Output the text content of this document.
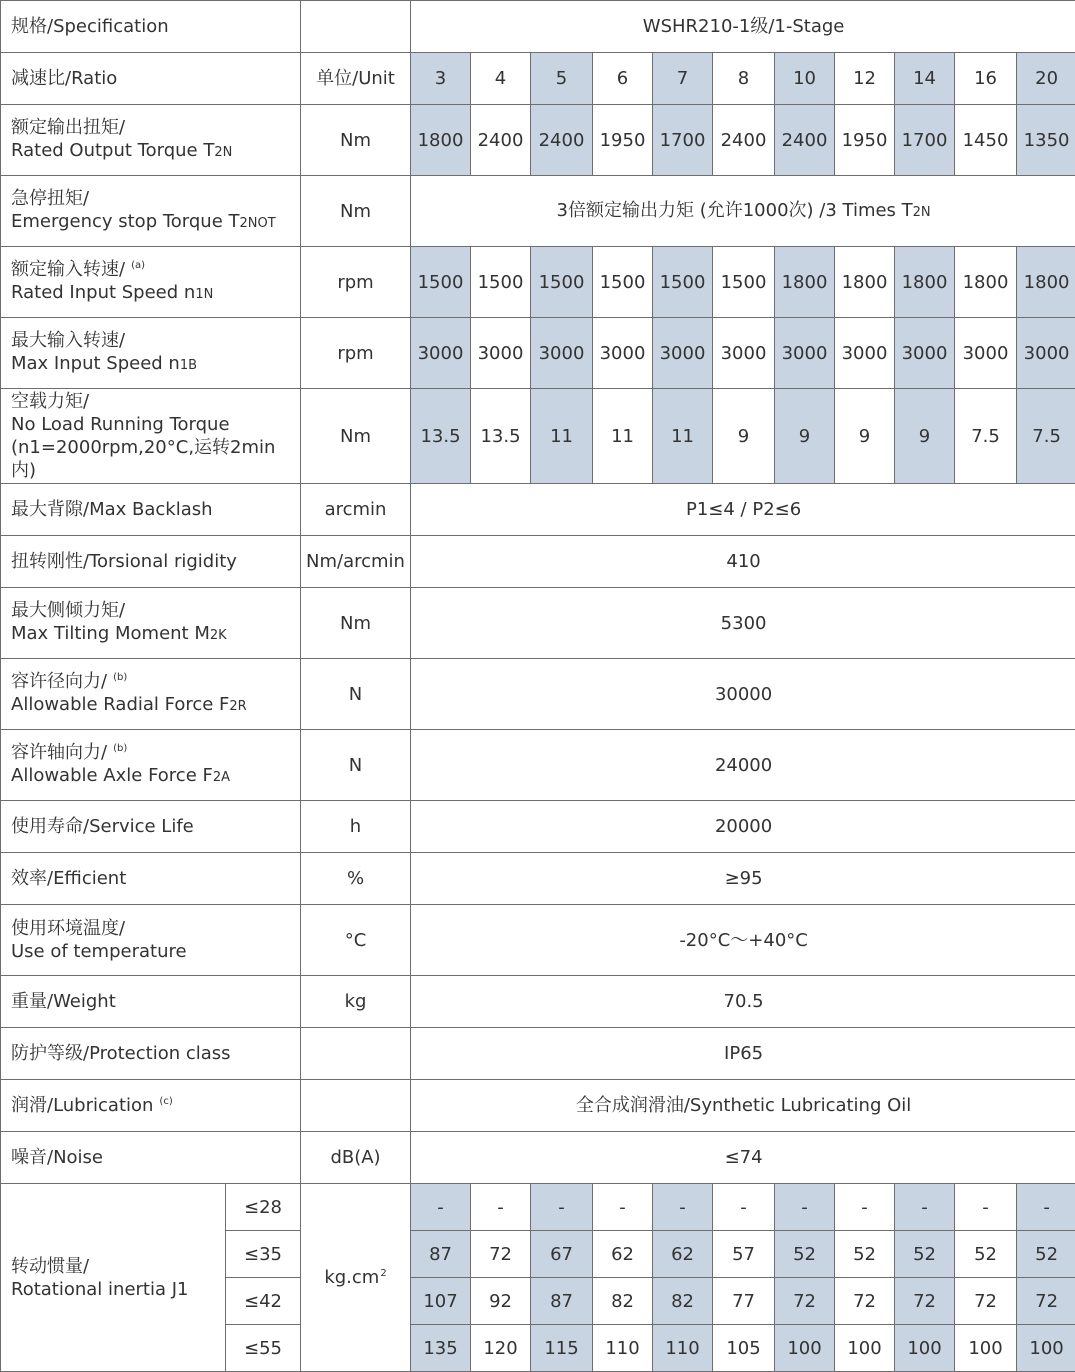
规格/Specification			WSHR210-1级/1-Stage										
减速比/Ratio		单位/Unit	3	4	5	6	7	8	10	12	14	16	20

额定输出扭矩/
Rated Output Torque T2N		Nm	1800	2400	2400	1950	1700	2400	2400	1950	1700	1450	1350

急停扭矩/
Emergency stop Torque T2NOT		Nm	3倍额定输出力矩 (允许1000次) /3 Times T2N										

额定输入转速/ $^{(a)}$
Rated Input Speed n1N		rpm	1500	1500	1500	1500	1500	1500	1800	1800	1800	1800	1800

最大输入转速/
Max Input Speed n1B		rpm	3000	3000	3000	3000	3000	3000	3000	3000	3000	3000	3000

空载力矩/
No Load Running Torque
(n1=2000rpm,20°C,运转2min内)		Nm	13.5	13.5	11	11	11	9	9	9	9	7.5	7.5
最大背隙/Max Backlash		arcmin	P1≤4 / P2≤6										
扭转刚性/Torsional rigidity		Nm/arcmin	410										

最大侧倾力矩/
Max Tilting Moment M2K		Nm	5300										

容许径向力/ $^{(b)}$
Allowable Radial Force F2R		N	30000										

容许轴向力/ $^{(b)}$
Allowable Axle Force F2A		N	24000										
使用寿命/Service Life		h	20000										
效率/Efficient		%	≥95										

使用环境温度/
Use of temperature		°C	-20°C～+40°C										
重量/Weight		kg	70.5										
防护等级/Protection class			IP65										
润滑/Lubrication $^{(c)}$			全合成润滑油/Synthetic Lubricating Oil										
噪音/Noise		dB(A)	≤74										

转动惯量/
Rotational inertia J1	≤28	$kg.cm^2$	-	-	-	-	-	-	-	-	-	-	-
	≤35		87	72	67	62	62	57	52	52	52	52	52
	≤42		107	92	87	82	82	77	72	72	72	72	72
	≤55		135	120	115	110	110	105	100	100	100	100	100
